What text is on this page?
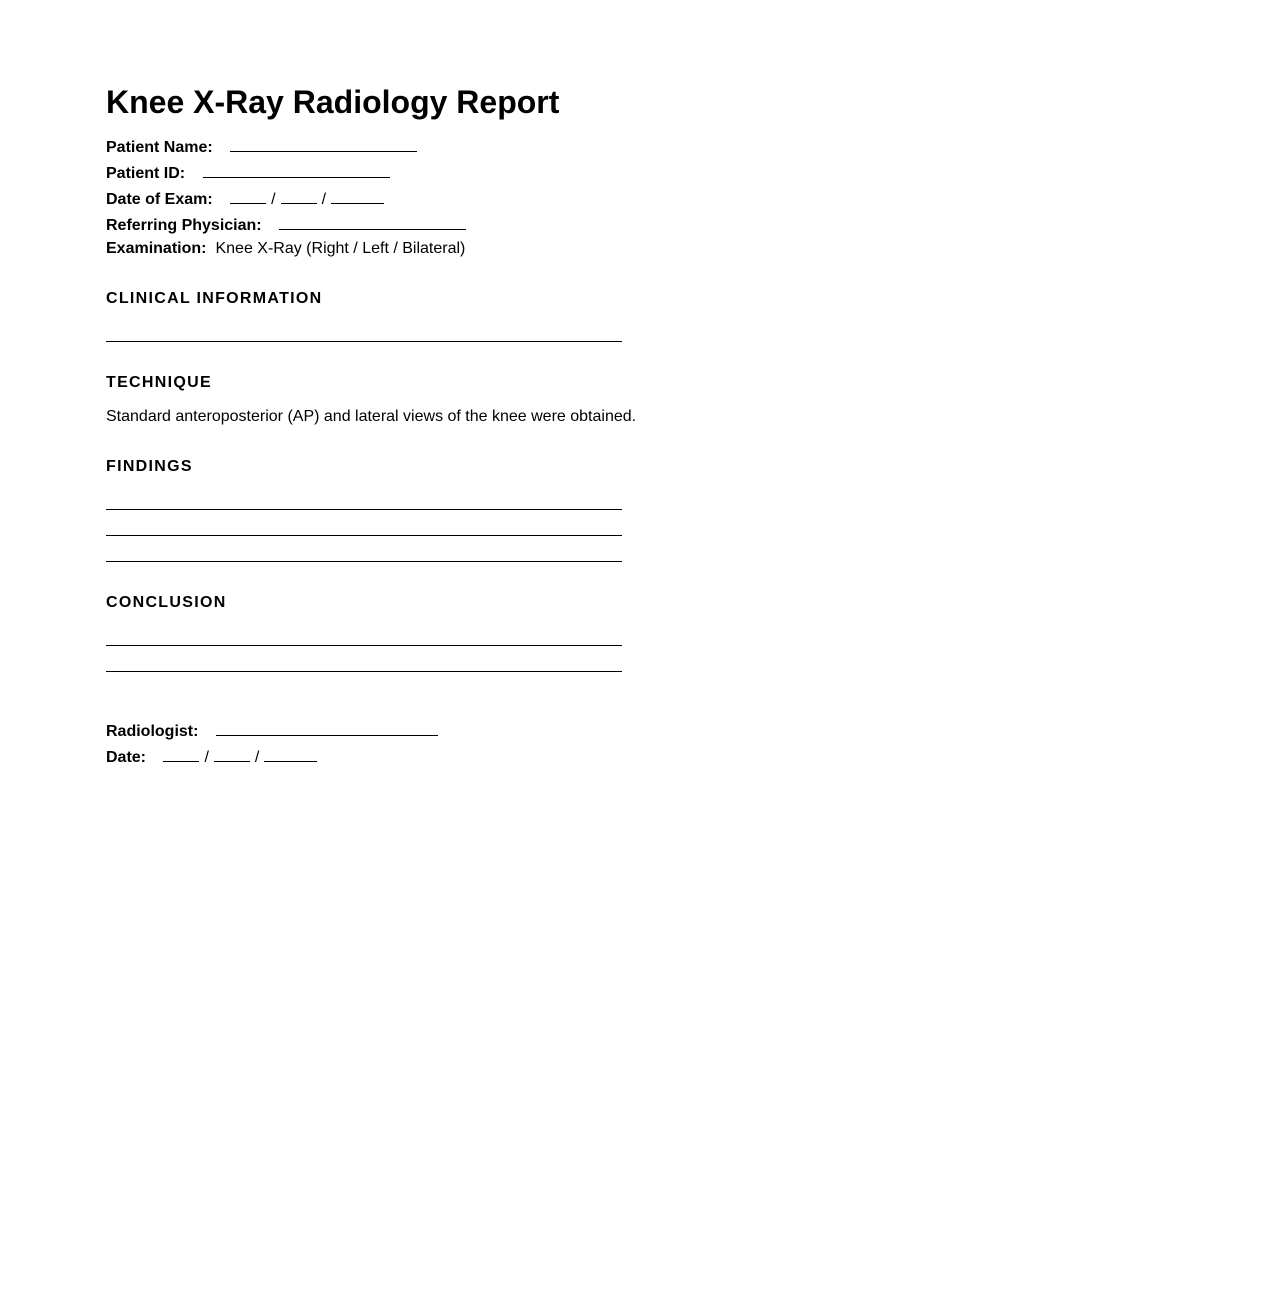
Knee X-Ray Radiology Report
Patient Name:
Patient ID:
Date of Exam:	/	/
Referring Physician:
Examination: Knee X-Ray (Right / Left / Bilateral)
CLINICAL INFORMATION
TECHNIQUE

Standard anteroposterior (AP) and lateral views of the knee were obtained.

FINDINGS
CONCLUSION
Radiologist:
Date:	/	/
